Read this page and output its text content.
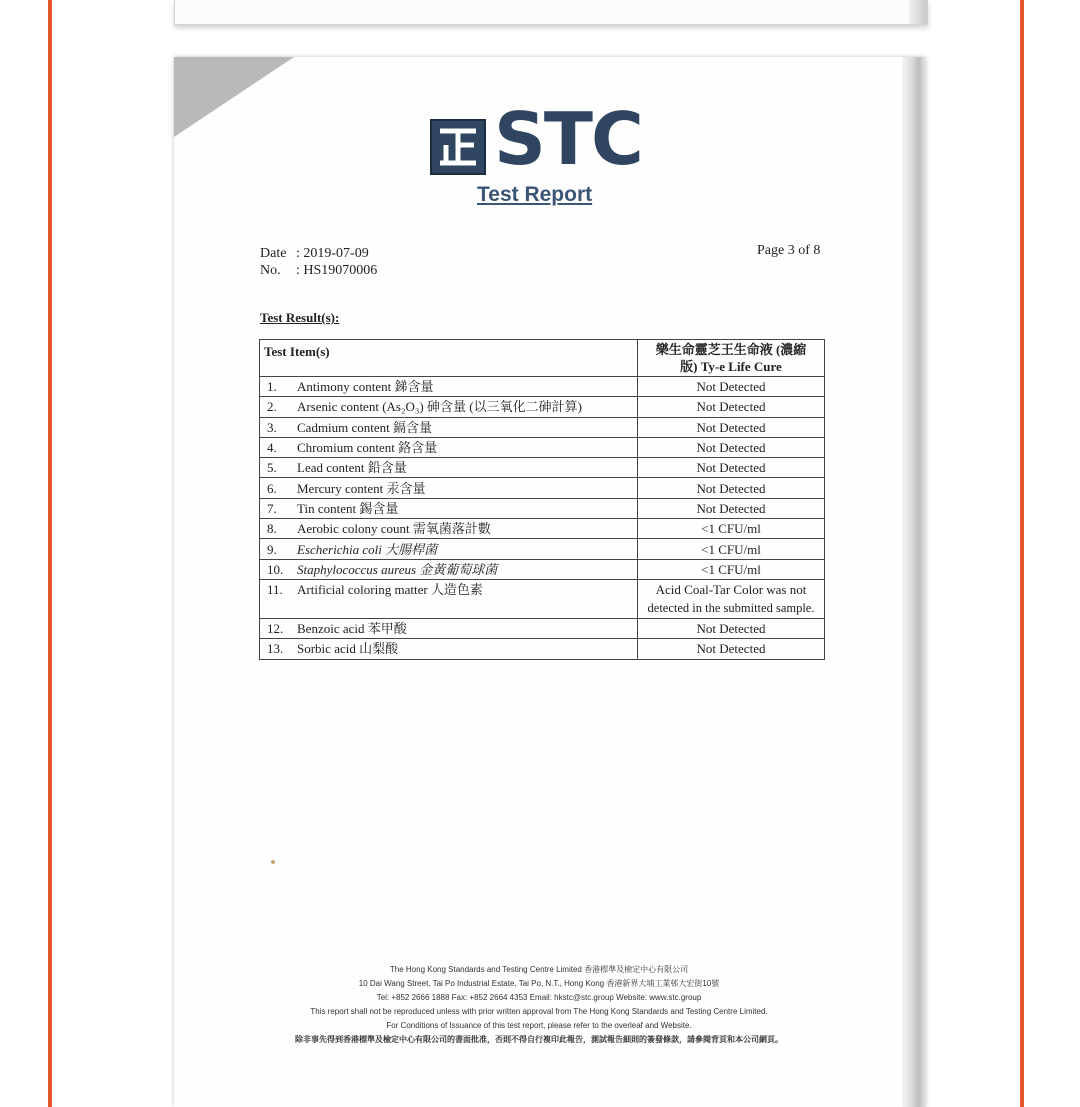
STC
Test Report
Date : 2019-07-09
No. : HS19070006
Page 3 of 8
Test Result(s):
Test Item(s)	樂生命靈芝王生命液 (濃縮
版) Ty-e Life Cure

1. Antimony content 銻含量	Not Detected
2. Arsenic content (As₂O₃) 砷含量 (以三氧化二砷計算)	Not Detected
3. Cadmium content 鎘含量	Not Detected
4. Chromium content 鉻含量	Not Detected
5. Lead content 鉛含量	Not Detected
6. Mercury content 汞含量	Not Detected
7. Tin content 錫含量	Not Detected
8. Aerobic colony count 需氧菌落計數	<1 CFU/ml
9. Escherichia coli 大腸桿菌	<1 CFU/ml
10. Staphylococcus aureus 金黃葡萄球菌	<1 CFU/ml
11. Artificial coloring matter 人造色素	Acid Coal-Tar Color was not
detected in the submitted sample.

12. Benzoic acid 苯甲酸	Not Detected
13. Sorbic acid 山梨酸	Not Detected
The Hong Kong Standards and Testing Centre Limited 香港標準及檢定中心有限公司
10 Dai Wang Street, Tai Po Industrial Estate, Tai Po, N.T., Hong Kong 香港新界大埔工業邨大宏街10號
Tel: +852 2666 1888 Fax: +852 2664 4353 Email: hkstc@stc.group Website: www.stc.group
This report shall not be reproduced unless with prior written approval from The Hong Kong Standards and Testing Centre Limited.
For Conditions of Issuance of this test report, please refer to the overleaf and Website.
除非事先得到香港標準及檢定中心有限公司的書面批准，否則不得自行複印此報告，測試報告細則的簽發條款，請參閱背頁和本公司網頁。
